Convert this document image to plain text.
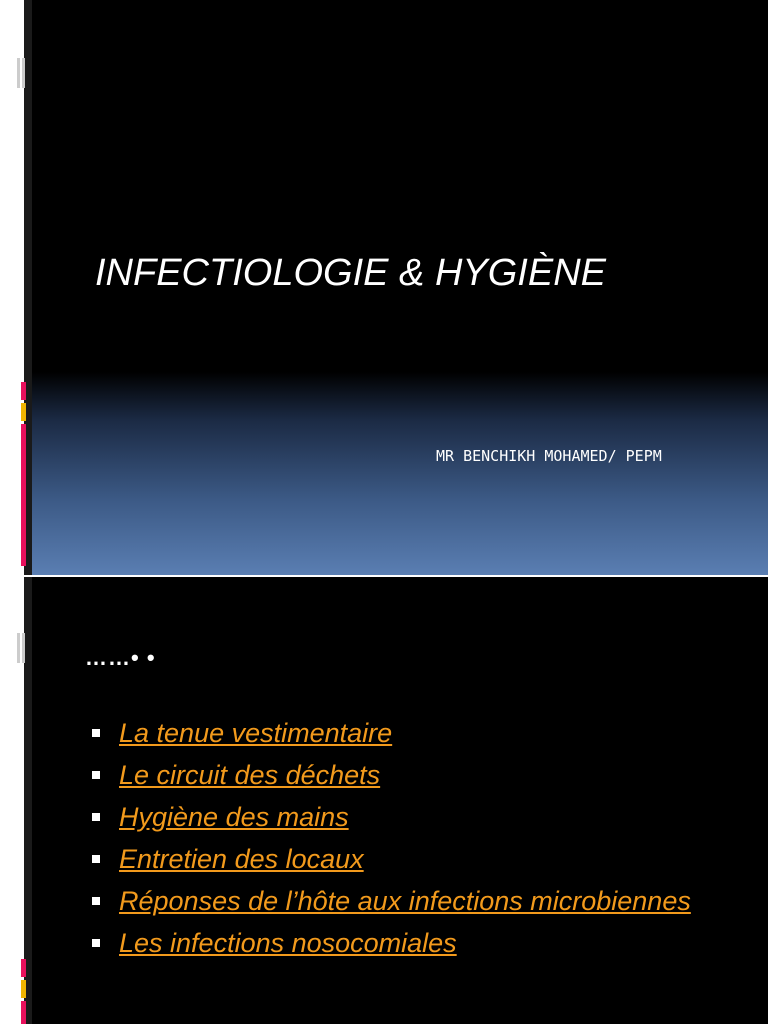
INFECTIOLOGIE & HYGIÈNE
MR BENCHIKH MOHAMED/ PEPM
……• •
La tenue vestimentaire
Le circuit des déchets
Hygiène des mains
Entretien des locaux
Réponses de l’hôte aux infections microbiennes
Les infections nosocomiales
